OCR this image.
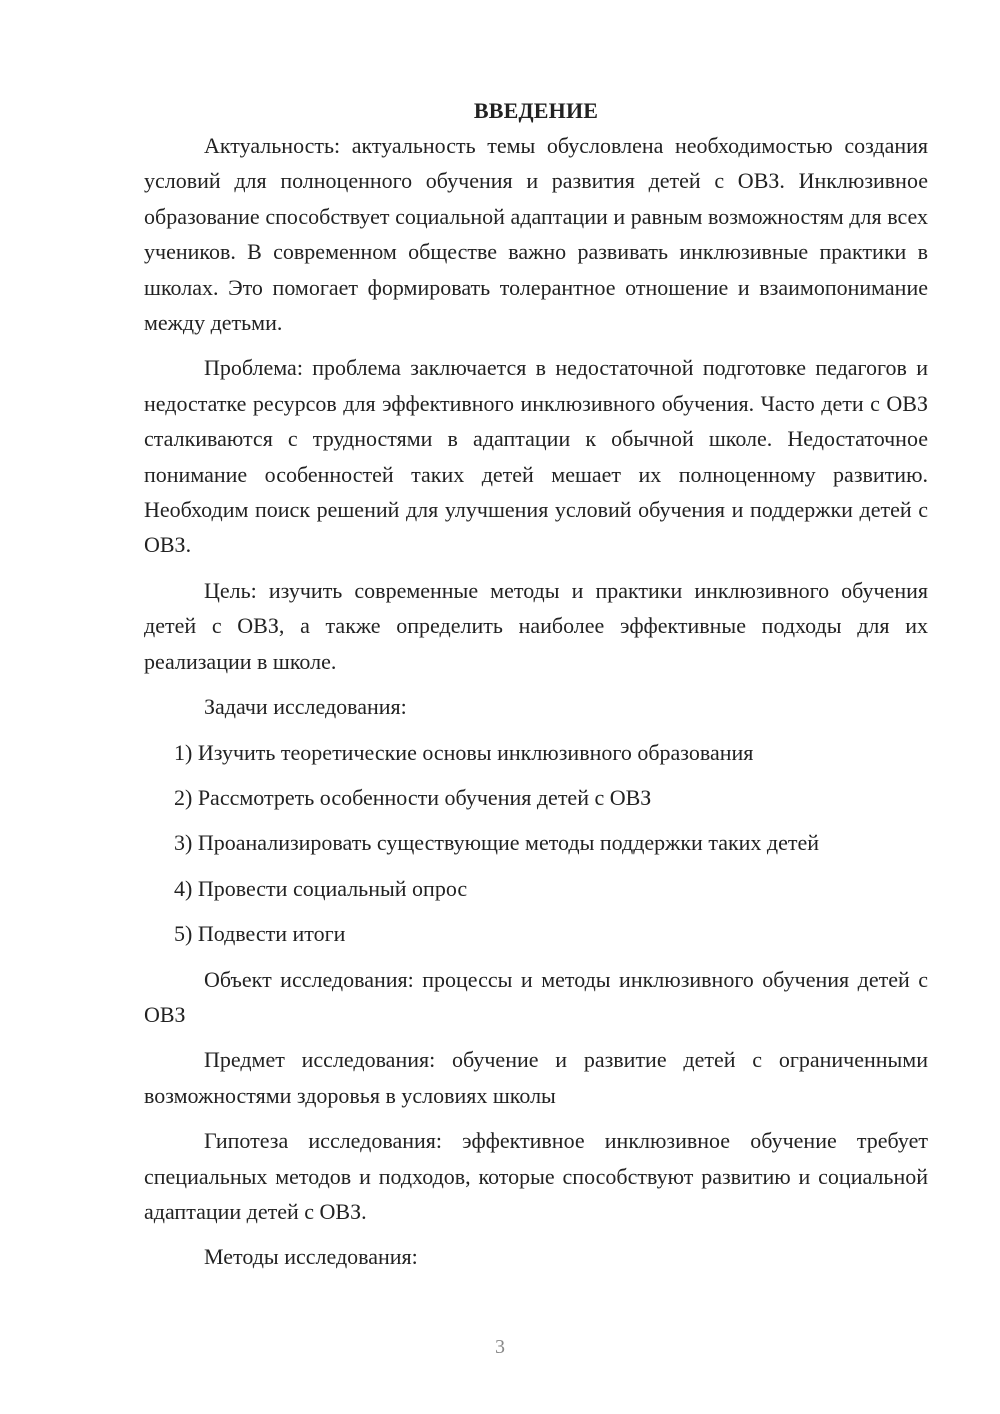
ВВЕДЕНИЕ

Актуальность: актуальность темы обусловлена необходимостью создания условий для полноценного обучения и развития детей с ОВЗ. Инклюзивное образование способствует социальной адаптации и равным возможностям для всех учеников. В современном обществе важно развивать инклюзивные практики в школах. Это помогает формировать толерантное отношение и взаимопонимание между детьми.

Проблема: проблема заключается в недостаточной подготовке педагогов и недостатке ресурсов для эффективного инклюзивного обучения. Часто дети с ОВЗ сталкиваются с трудностями в адаптации к обычной школе. Недостаточное понимание особенностей таких детей мешает их полноценному развитию. Необходим поиск решений для улучшения условий обучения и поддержки детей с ОВЗ.

Цель: изучить современные методы и практики инклюзивного обучения детей с ОВЗ, а также определить наиболее эффективные подходы для их реализации в школе.

Задачи исследования:

1) Изучить теоретические основы инклюзивного образования
2) Рассмотреть особенности обучения детей с ОВЗ
3) Проанализировать существующие методы поддержки таких детей
4) Провести социальный опрос
5) Подвести итоги

Объект исследования: процессы и методы инклюзивного обучения детей с ОВЗ

Предмет исследования: обучение и развитие детей с ограниченными возможностями здоровья в условиях школы

Гипотеза исследования: эффективное инклюзивное обучение требует специальных методов и подходов, которые способствуют развитию и социальной адаптации детей с ОВЗ.

Методы исследования:

3
